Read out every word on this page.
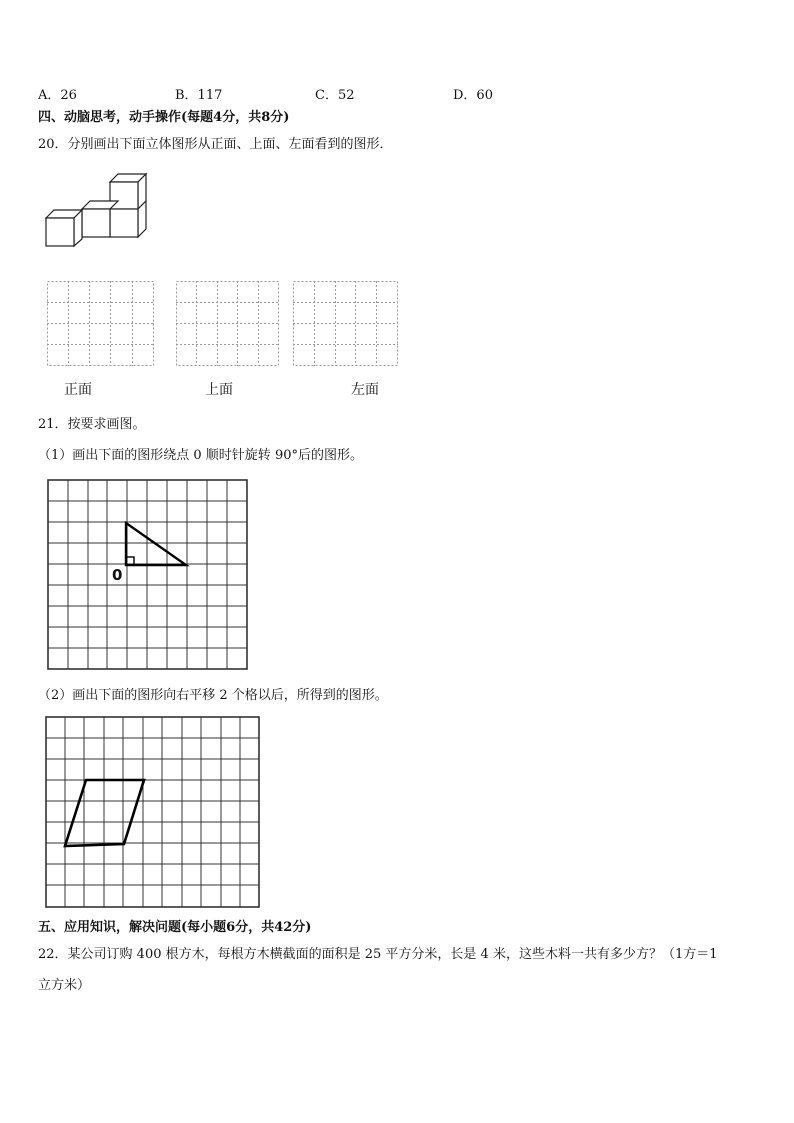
A．26	B．117	C．52	D．60
四、动脑思考，动手操作(每题4分，共8分)
20．分别画出下面立体图形从正面、上面、左面看到的图形．
正面	上面	左面
21．按要求画图。
（1）画出下面的图形绕点 0 顺时针旋转 90°后的图形。
0
（2）画出下面的图形向右平移 2 个格以后，所得到的图形。
五、应用知识，解决问题(每小题6分，共42分)
22．某公司订购 400 根方木，每根方木横截面的面积是 25 平方分米，长是 4 米，这些木料一共有多少方？（1方＝1
立方米）
